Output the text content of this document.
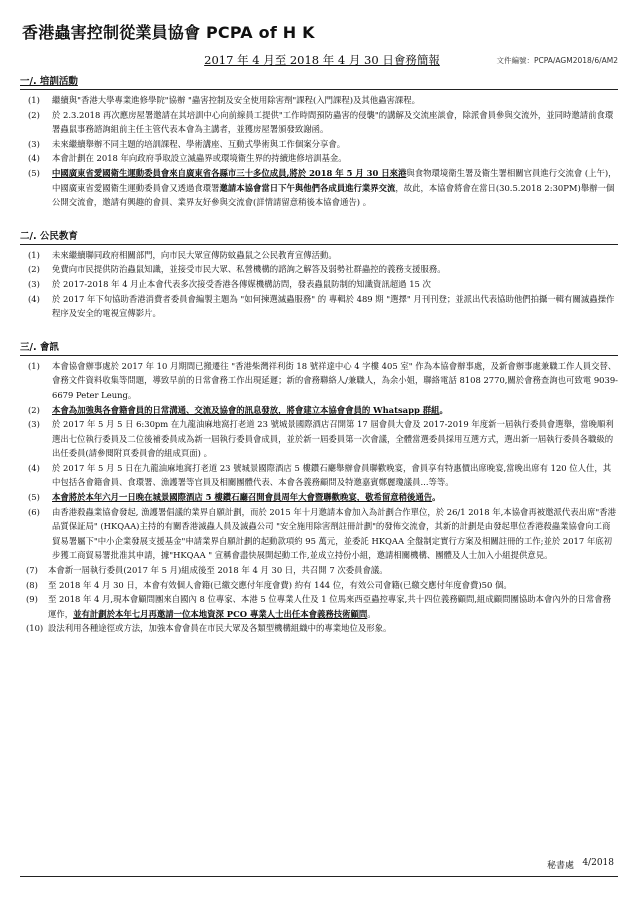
香港蟲害控制從業員協會 PCPA of H K
2017 年 4 月至 2018 年 4 月 30 日會務簡報	文件編號：PCPA/AGM2018/6/AM2
一/. 培訓活動
(1)	繼續與"香港大學專業進修學院"協辦 "蟲害控制及安全使用除害劑"課程(入門課程)及其他蟲害課程。
(2)	於 2.3.2018 再次應房屋署邀請在其培訓中心向前線員工提供"工作時間預防蟲害的侵襲"的講解及交流座談會，除派會員參與交流外，並同時邀請前食環署蟲鼠事務諮詢組前主任主管代表本會為主講者，並獲房屋署頒發致謝函。
(3)	未來繼續舉辦不同主題的培訓課程、學術講座、互動式學術與工作個案分享會。
(4)	本會計劃在 2018 年向政府爭取設立滅蟲界或環境衛生界的持續進修培訓基金。
(5)	中國廣東省愛國衛生運動委員會來自廣東省各縣市三十多位成員,將於 2018 年 5 月 30 日來港與食物環境衛生署及衛生署相關官員進行交流會 (上午)，中國廣東省愛國衛生運動委員會又透過食環署邀請本協會當日下午與他們各成員進行業界交流，故此，本協會將會在當日(30.5.2018 2:30PM)舉辦一個公開交流會，邀請有興趣的會員、業界友好參與交流會(詳情請留意稍後本協會通告) 。
二/. 公民教育
(1)	未來繼續聯同政府相關部門，向市民大眾宣傳防蚊蟲鼠之公民教育宣傳活動。
(2)	免費向市民提供防治蟲鼠知識，並接受市民大眾、私營機構的諮詢之解答及弱勢社群蟲控的義務支援服務。
(3)	於 2017-2018 年 4 月止本會代表多次接受香港各傳媒機構訪問，發表蟲鼠防制的知識資訊超過 15 次
(4)	於 2017 年下旬協助香港消費者委員會編製主題為 "如何揀選滅蟲服務" 的 專輯於 489 期 "選擇" 月刊刊登；並派出代表協助他們拍攝一輯有關滅蟲操作程序及安全的電視宣傳影片。
三/. 會訊
(1)	本會協會辦事處於 2017 年 10 月期間已搬遷往 "香港柴灣祥利街 18 號祥達中心 4 字樓 405 室" 作為本協會辦事處，及新會辦事處兼職工作人員交替、會務文件資料收集等問題，導致早前的日常會務工作出現延遲；新的會務聯絡人/兼職人，為余小姐，聯絡電話 8108 2770,關於會務查詢也可致電 9039-6679 Peter Leung。
(2)	本會為加強與各會籍會員的日常溝通、交流及協會的訊息發放，將會建立本協會會員的 Whatsapp 群組。
(3)	於 2017 年 5 月 5 日 6:30pm 在九龍油麻地窩打老道 23 號城景國際酒店召開第 17 屆會員大會及 2017-2019 年度新一屆執行委員會選舉，當晚順利選出七位執行委員及二位後補委員成為新一屆執行委員會成員，並於新一屆委員第一次會議，全體當選委員採用互選方式，選出新一屆執行委員各職級的出任委員(請參閱附頁委員會的組成頁面) 。
(4)	於 2017 年 5 月 5 日在九龍油麻地窩打老道 23 號城景國際酒店 5 樓鑽石廳舉辦會員聯歡晚宴，會員享有特惠價出席晚宴,當晚出席有 120 位人仕，其中包括各會籍會員、食環署、漁護署等官員及相關團體代表、本會各義務顧問及特邀嘉賓鄭麗瓊議員...等等。
(5)	本會將於本年六月一日晚在城景國際酒店 5 樓鑽石廳召開會員周年大會暨聯歡晚宴，敬希留意稍後通告。
(6)	由香港殺蟲業協會發起, 漁護署倡議的業界自願計劃，而於 2015 年十月邀請本會加入為計劃合作單位，於 26/1 2018 年,本協會再被邀派代表出席"香港品質保証局" (HKQAA)主持的有關香港滅蟲人員及滅蟲公司 "安全施用除害劑註冊計劃"的發佈交流會，其新的計劃是由發起單位香港殺蟲業協會向工商貿易署屬下"中小企業發展支援基金"申請業界自願計劃的起動款項約 95 萬元，並委託 HKQAA 全盤制定實行方案及相關註冊的工作;並於 2017 年底初步獲工商貿易署批准其申請，據"HKQAA " 宣稱會盡快展開起動工作,並成立持份小組，邀請相關機構、團體及人士加入小組提供意見。
(7)	本會新一屆執行委員(2017 年 5 月)組成後至 2018 年 4 月 30 日，共召開 7 次委員會議。
(8)	至 2018 年 4 月 30 日，本會有效個人會籍(已繳交應付年度會費) 約有 144 位，有效公司會籍(已繳交應付年度會費)50 個。
(9)	至 2018 年 4 月,現本會顧問團來自國內 8 位專家、本港 5 位專業人仕及 1 位馬來西亞蟲控專家,共十四位義務顧問,組成顧問團協助本會內外的日常會務運作，並有計劃於本年七月再邀請一位本地資深 PCO 專業人士出任本會義務技術顧問。
(10) 設法利用各種途徑或方法，加強本會會員在市民大眾及各類型機構組織中的專業地位及形象。
秘書處 4/2018
